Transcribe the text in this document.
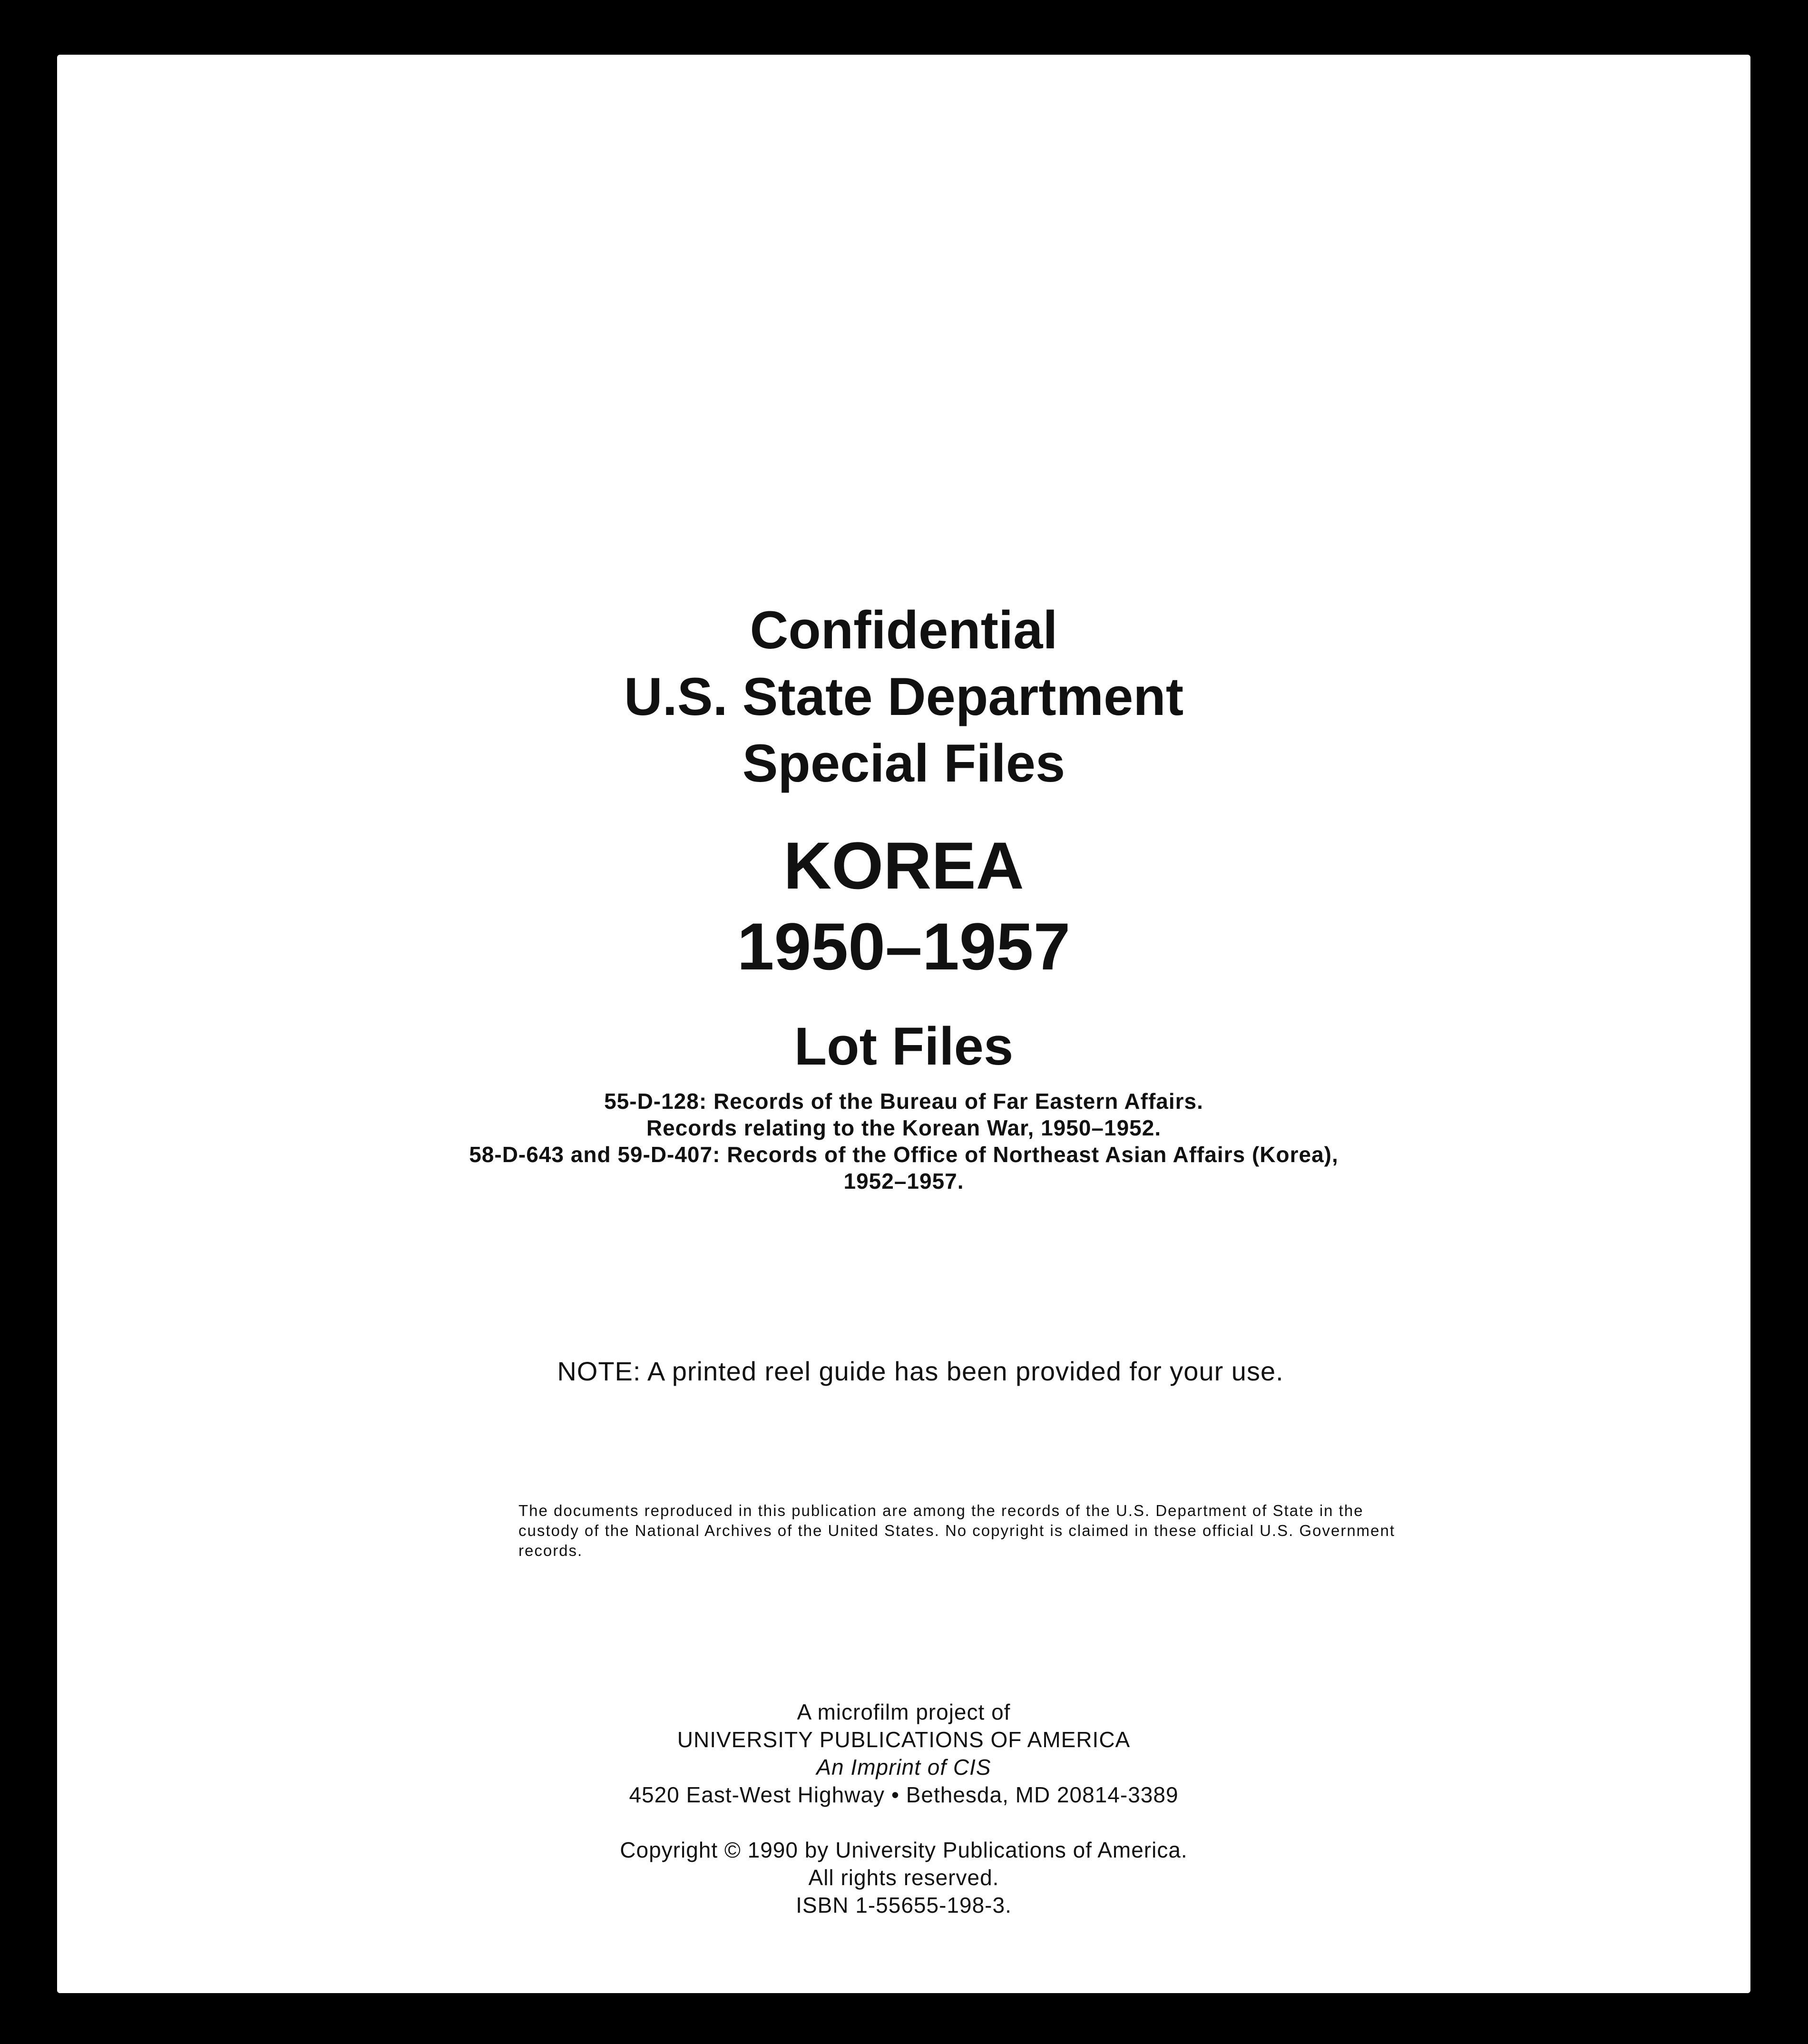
Confidential
U.S. State Department
Special Files
KOREA
1950–1957
Lot Files
55-D-128: Records of the Bureau of Far Eastern Affairs.
Records relating to the Korean War, 1950–1952.
58-D-643 and 59-D-407: Records of the Office of Northeast Asian Affairs (Korea),
1952–1957.
NOTE: A printed reel guide has been provided for your use.
The documents reproduced in this publication are among the records of the U.S. Department of State in the custody of the National Archives of the United States. No copyright is claimed in these official U.S. Government records.
A microfilm project of
UNIVERSITY PUBLICATIONS OF AMERICA
An Imprint of CIS
4520 East-West Highway • Bethesda, MD 20814-3389
Copyright © 1990 by University Publications of America.
All rights reserved.
ISBN 1-55655-198-3.
